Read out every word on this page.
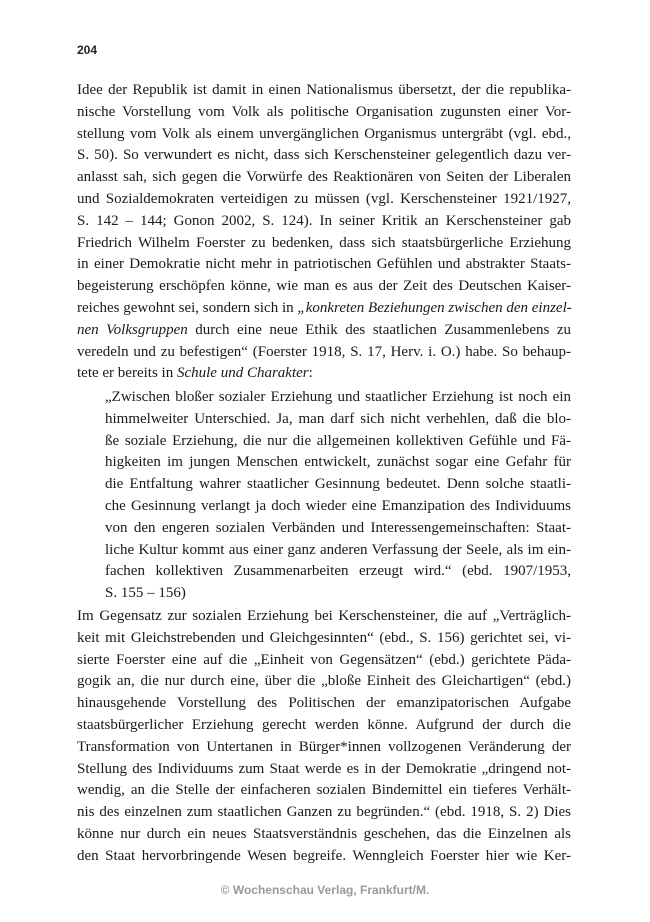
204
Idee der Republik ist damit in einen Nationalismus übersetzt, der die republika-
nische Vorstellung vom Volk als politische Organisation zugunsten einer Vor-
stellung vom Volk als einem unvergänglichen Organismus untergräbt (vgl. ebd.,
S. 50). So verwundert es nicht, dass sich Kerschensteiner gelegentlich dazu ver-
anlasst sah, sich gegen die Vorwürfe des Reaktionären von Seiten der Liberalen
und Sozialdemokraten verteidigen zu müssen (vgl. Kerschensteiner 1921/1927,
S. 142 – 144; Gonon 2002, S. 124). In seiner Kritik an Kerschensteiner gab
Friedrich Wilhelm Foerster zu bedenken, dass sich staatsbürgerliche Erziehung
in einer Demokratie nicht mehr in patriotischen Gefühlen und abstrakter Staats-
begeisterung erschöpfen könne, wie man es aus der Zeit des Deutschen Kaiser-
reiches gewohnt sei, sondern sich in „konkreten Beziehungen zwischen den einzel-
nen Volksgruppen durch eine neue Ethik des staatlichen Zusammenlebens zu
veredeln und zu befestigen“ (Foerster 1918, S. 17, Herv. i. O.) habe. So behaup-
tete er bereits in Schule und Charakter:
„Zwischen bloßer sozialer Erziehung und staatlicher Erziehung ist noch ein
himmelweiter Unterschied. Ja, man darf sich nicht verhehlen, daß die blo-
ße soziale Erziehung, die nur die allgemeinen kollektiven Gefühle und Fä-
higkeiten im jungen Menschen entwickelt, zunächst sogar eine Gefahr für
die Entfaltung wahrer staatlicher Gesinnung bedeutet. Denn solche staatli-
che Gesinnung verlangt ja doch wieder eine Emanzipation des Individuums
von den engeren sozialen Verbänden und Interessengemeinschaften: Staat-
liche Kultur kommt aus einer ganz anderen Verfassung der Seele, als im ein-
fachen kollektiven Zusammenarbeiten erzeugt wird.“ (ebd. 1907/1953,
S. 155 – 156)
Im Gegensatz zur sozialen Erziehung bei Kerschensteiner, die auf „Verträglich-
keit mit Gleichstrebenden und Gleichgesinnten“ (ebd., S. 156) gerichtet sei, vi-
sierte Foerster eine auf die „Einheit von Gegensätzen“ (ebd.) gerichtete Päda-
gogik an, die nur durch eine, über die „bloße Einheit des Gleichartigen“ (ebd.)
hinausgehende Vorstellung des Politischen der emanzipatorischen Aufgabe
staatsbürgerlicher Erziehung gerecht werden könne. Aufgrund der durch die
Transformation von Untertanen in Bürger*innen vollzogenen Veränderung der
Stellung des Individuums zum Staat werde es in der Demokratie „dringend not-
wendig, an die Stelle der einfacheren sozialen Bindemittel ein tieferes Verhält-
nis des einzelnen zum staatlichen Ganzen zu begründen.“ (ebd. 1918, S. 2) Dies
könne nur durch ein neues Staatsverständnis geschehen, das die Einzelnen als
den Staat hervorbringende Wesen begreife. Wenngleich Foerster hier wie Ker-
© Wochenschau Verlag, Frankfurt/M.
